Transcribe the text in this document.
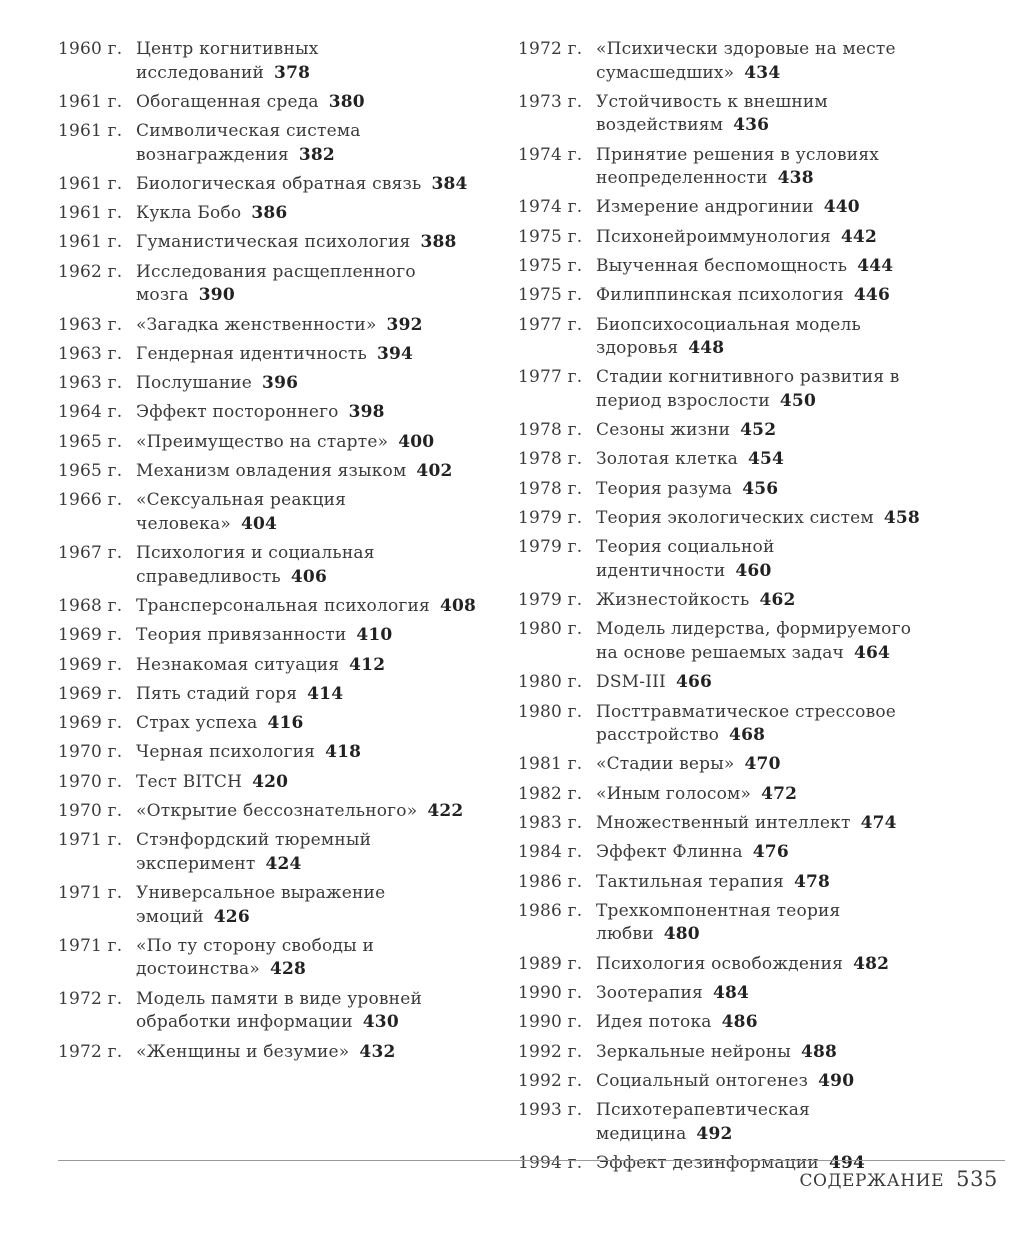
1960 г. Центр когнитивных исследований 378
1961 г. Обогащенная среда 380
1961 г. Символическая система вознаграждения 382
1961 г. Биологическая обратная связь 384
1961 г. Кукла Бобо 386
1961 г. Гуманистическая психология 388
1962 г. Исследования расщепленного мозга 390
1963 г. «Загадка женственности» 392
1963 г. Гендерная идентичность 394
1963 г. Послушание 396
1964 г. Эффект постороннего 398
1965 г. «Преимущество на старте» 400
1965 г. Механизм овладения языком 402
1966 г. «Сексуальная реакция человека» 404
1967 г. Психология и социальная справедливость 406
1968 г. Трансперсональная психология 408
1969 г. Теория привязанности 410
1969 г. Незнакомая ситуация 412
1969 г. Пять стадий горя 414
1969 г. Страх успеха 416
1970 г. Черная психология 418
1970 г. Тест BITCH 420
1970 г. «Открытие бессознательного» 422
1971 г. Стэнфордский тюремный эксперимент 424
1971 г. Универсальное выражение эмоций 426
1971 г. «По ту сторону свободы и достоинства» 428
1972 г. Модель памяти в виде уровней обработки информации 430
1972 г. «Женщины и безумие» 432
1972 г. «Психически здоровые на месте сумасшедших» 434
1973 г. Устойчивость к внешним воздействиям 436
1974 г. Принятие решения в условиях неопределенности 438
1974 г. Измерение андрогинии 440
1975 г. Психонейроиммунология 442
1975 г. Выученная беспомощность 444
1975 г. Филиппинская психология 446
1977 г. Биопсихосоциальная модель здоровья 448
1977 г. Стадии когнитивного развития в период взрослости 450
1978 г. Сезоны жизни 452
1978 г. Золотая клетка 454
1978 г. Теория разума 456
1979 г. Теория экологических систем 458
1979 г. Теория социальной идентичности 460
1979 г. Жизнестойкость 462
1980 г. Модель лидерства, формируемого на основе решаемых задач 464
1980 г. DSM-III 466
1980 г. Посттравматическое стрессовое расстройство 468
1981 г. «Стадии веры» 470
1982 г. «Иным голосом» 472
1983 г. Множественный интеллект 474
1984 г. Эффект Флинна 476
1986 г. Тактильная терапия 478
1986 г. Трехкомпонентная теория любви 480
1989 г. Психология освобождения 482
1990 г. Зоотерапия 484
1990 г. Идея потока 486
1992 г. Зеркальные нейроны 488
1992 г. Социальный онтогенез 490
1993 г. Психотерапевтическая медицина 492
1994 г. Эффект дезинформации 494
СОДЕРЖАНИЕ 535
